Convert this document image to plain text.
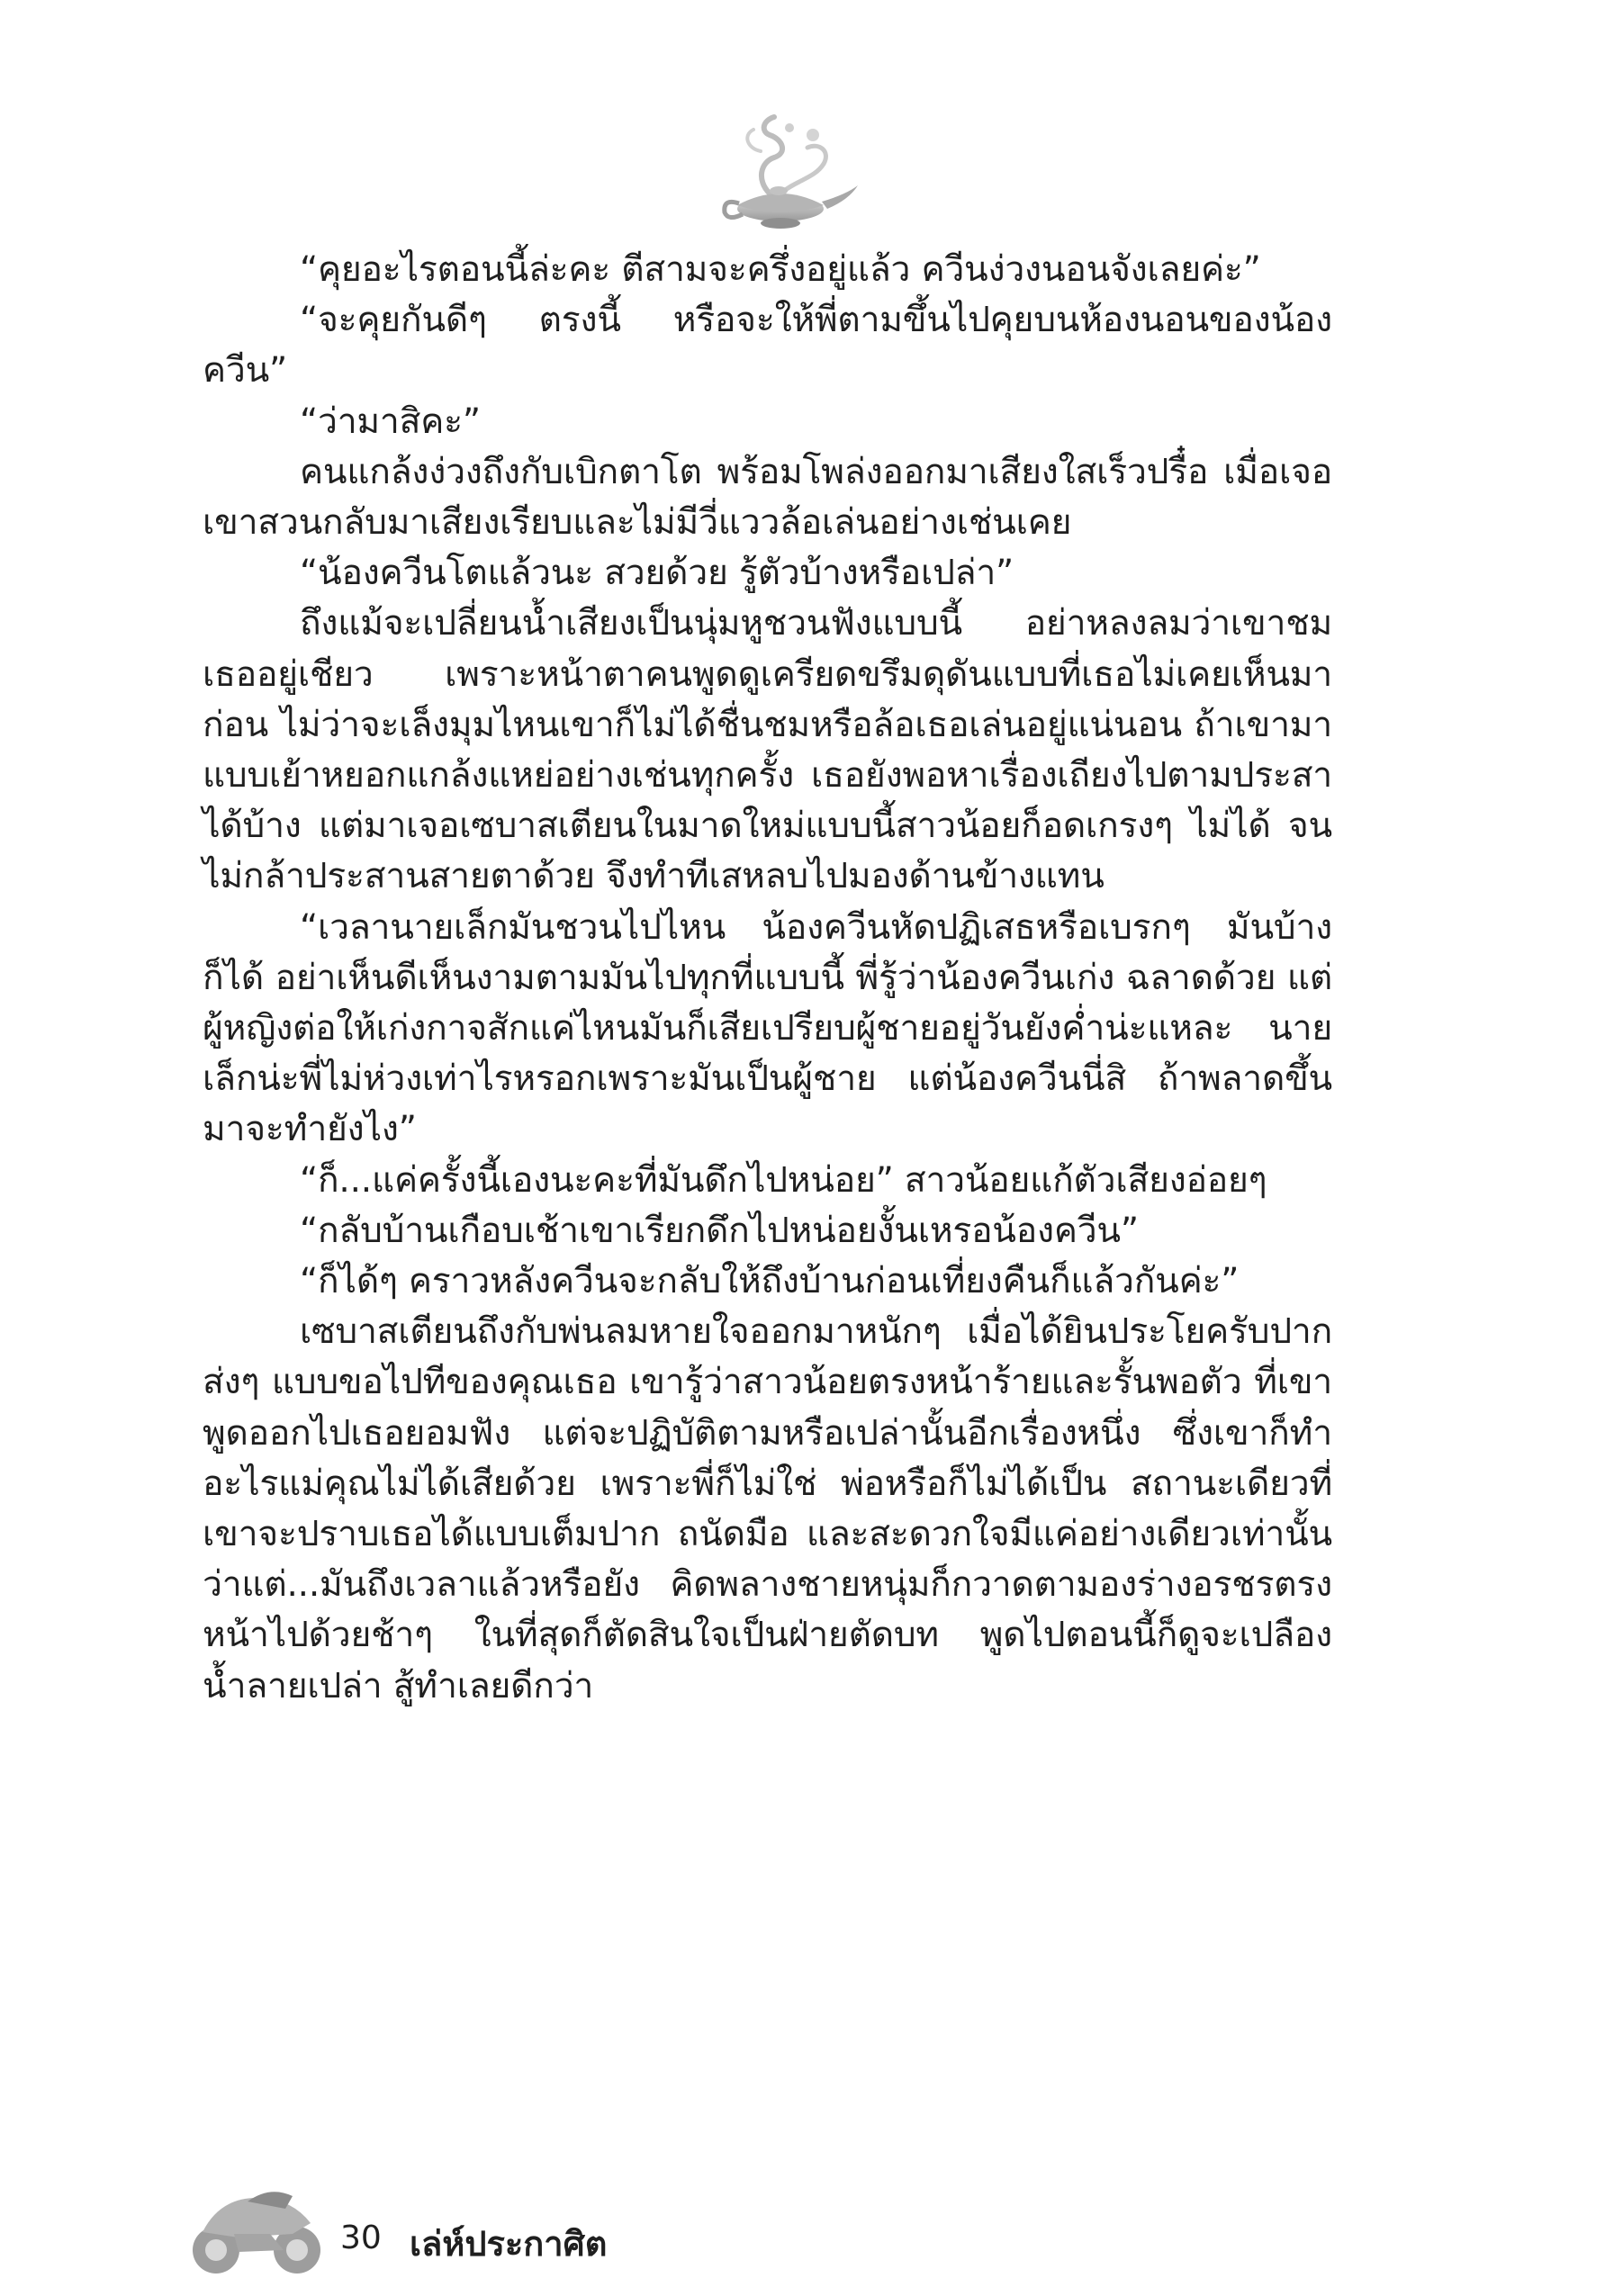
“คุยอะไรตอนนี้ล่ะคะ ตีสามจะครึ่งอยู่แล้ว ควีนง่วงนอนจังเลยค่ะ”

“จะคุยกันดีๆ ตรงนี้ หรือจะให้พี่ตามขึ้นไปคุยบนห้องนอนของน้องควีน”

“ว่ามาสิคะ”

คนแกล้งง่วงถึงกับเบิกตาโต พร้อมโพล่งออกมาเสียงใสเร็วปรื๋อ เมื่อเจอเขาสวนกลับมาเสียงเรียบและไม่มีวี่แววล้อเล่นอย่างเช่นเคย

“น้องควีนโตแล้วนะ สวยด้วย รู้ตัวบ้างหรือเปล่า”

ถึงแม้จะเปลี่ยนน้ำเสียงเป็นนุ่มหูชวนฟังแบบนี้ อย่าหลงลมว่าเขาชมเธออยู่เชียว เพราะหน้าตาคนพูดดูเครียดขรึมดุดันแบบที่เธอไม่เคยเห็นมาก่อน ไม่ว่าจะเล็งมุมไหนเขาก็ไม่ได้ชื่นชมหรือล้อเธอเล่นอยู่แน่นอน ถ้าเขามาแบบเย้าหยอกแกล้งแหย่อย่างเช่นทุกครั้ง เธอยังพอหาเรื่องเถียงไปตามประสาได้บ้าง แต่มาเจอเซบาสเตียนในมาดใหม่แบบนี้สาวน้อยก็อดเกรงๆ ไม่ได้ จนไม่กล้าประสานสายตาด้วย จึงทำทีเสหลบไปมองด้านข้างแทน

“เวลานายเล็กมันชวนไปไหน น้องควีนหัดปฏิเสธหรือเบรกๆ มันบ้างก็ได้ อย่าเห็นดีเห็นงามตามมันไปทุกที่แบบนี้ พี่รู้ว่าน้องควีนเก่ง ฉลาดด้วย แต่ผู้หญิงต่อให้เก่งกาจสักแค่ไหนมันก็เสียเปรียบผู้ชายอยู่วันยังค่ำน่ะแหละ นายเล็กน่ะพี่ไม่ห่วงเท่าไรหรอกเพราะมันเป็นผู้ชาย แต่น้องควีนนี่สิ ถ้าพลาดขึ้นมาจะทำยังไง”

“ก็...แค่ครั้งนี้เองนะคะที่มันดึกไปหน่อย” สาวน้อยแก้ตัวเสียงอ่อยๆ

“กลับบ้านเกือบเช้าเขาเรียกดึกไปหน่อยงั้นเหรอน้องควีน”

“ก็ได้ๆ คราวหลังควีนจะกลับให้ถึงบ้านก่อนเที่ยงคืนก็แล้วกันค่ะ”

เซบาสเตียนถึงกับพ่นลมหายใจออกมาหนักๆ เมื่อได้ยินประโยครับปากส่งๆ แบบขอไปทีของคุณเธอ เขารู้ว่าสาวน้อยตรงหน้าร้ายและรั้นพอตัว ที่เขาพูดออกไปเธอยอมฟัง แต่จะปฏิบัติตามหรือเปล่านั้นอีกเรื่องหนึ่ง ซึ่งเขาก็ทำอะไรแม่คุณไม่ได้เสียด้วย เพราะพี่ก็ไม่ใช่ พ่อหรือก็ไม่ได้เป็น สถานะเดียวที่เขาจะปราบเธอได้แบบเต็มปาก ถนัดมือ และสะดวกใจมีแค่อย่างเดียวเท่านั้น ว่าแต่...มันถึงเวลาแล้วหรือยัง คิดพลางชายหนุ่มก็กวาดตามองร่างอรชรตรงหน้าไปด้วยช้าๆ ในที่สุดก็ตัดสินใจเป็นฝ่ายตัดบท พูดไปตอนนี้ก็ดูจะเปลืองน้ำลายเปล่า สู้ทำเลยดีกว่า

30 เล่ห์ประกาศิต
